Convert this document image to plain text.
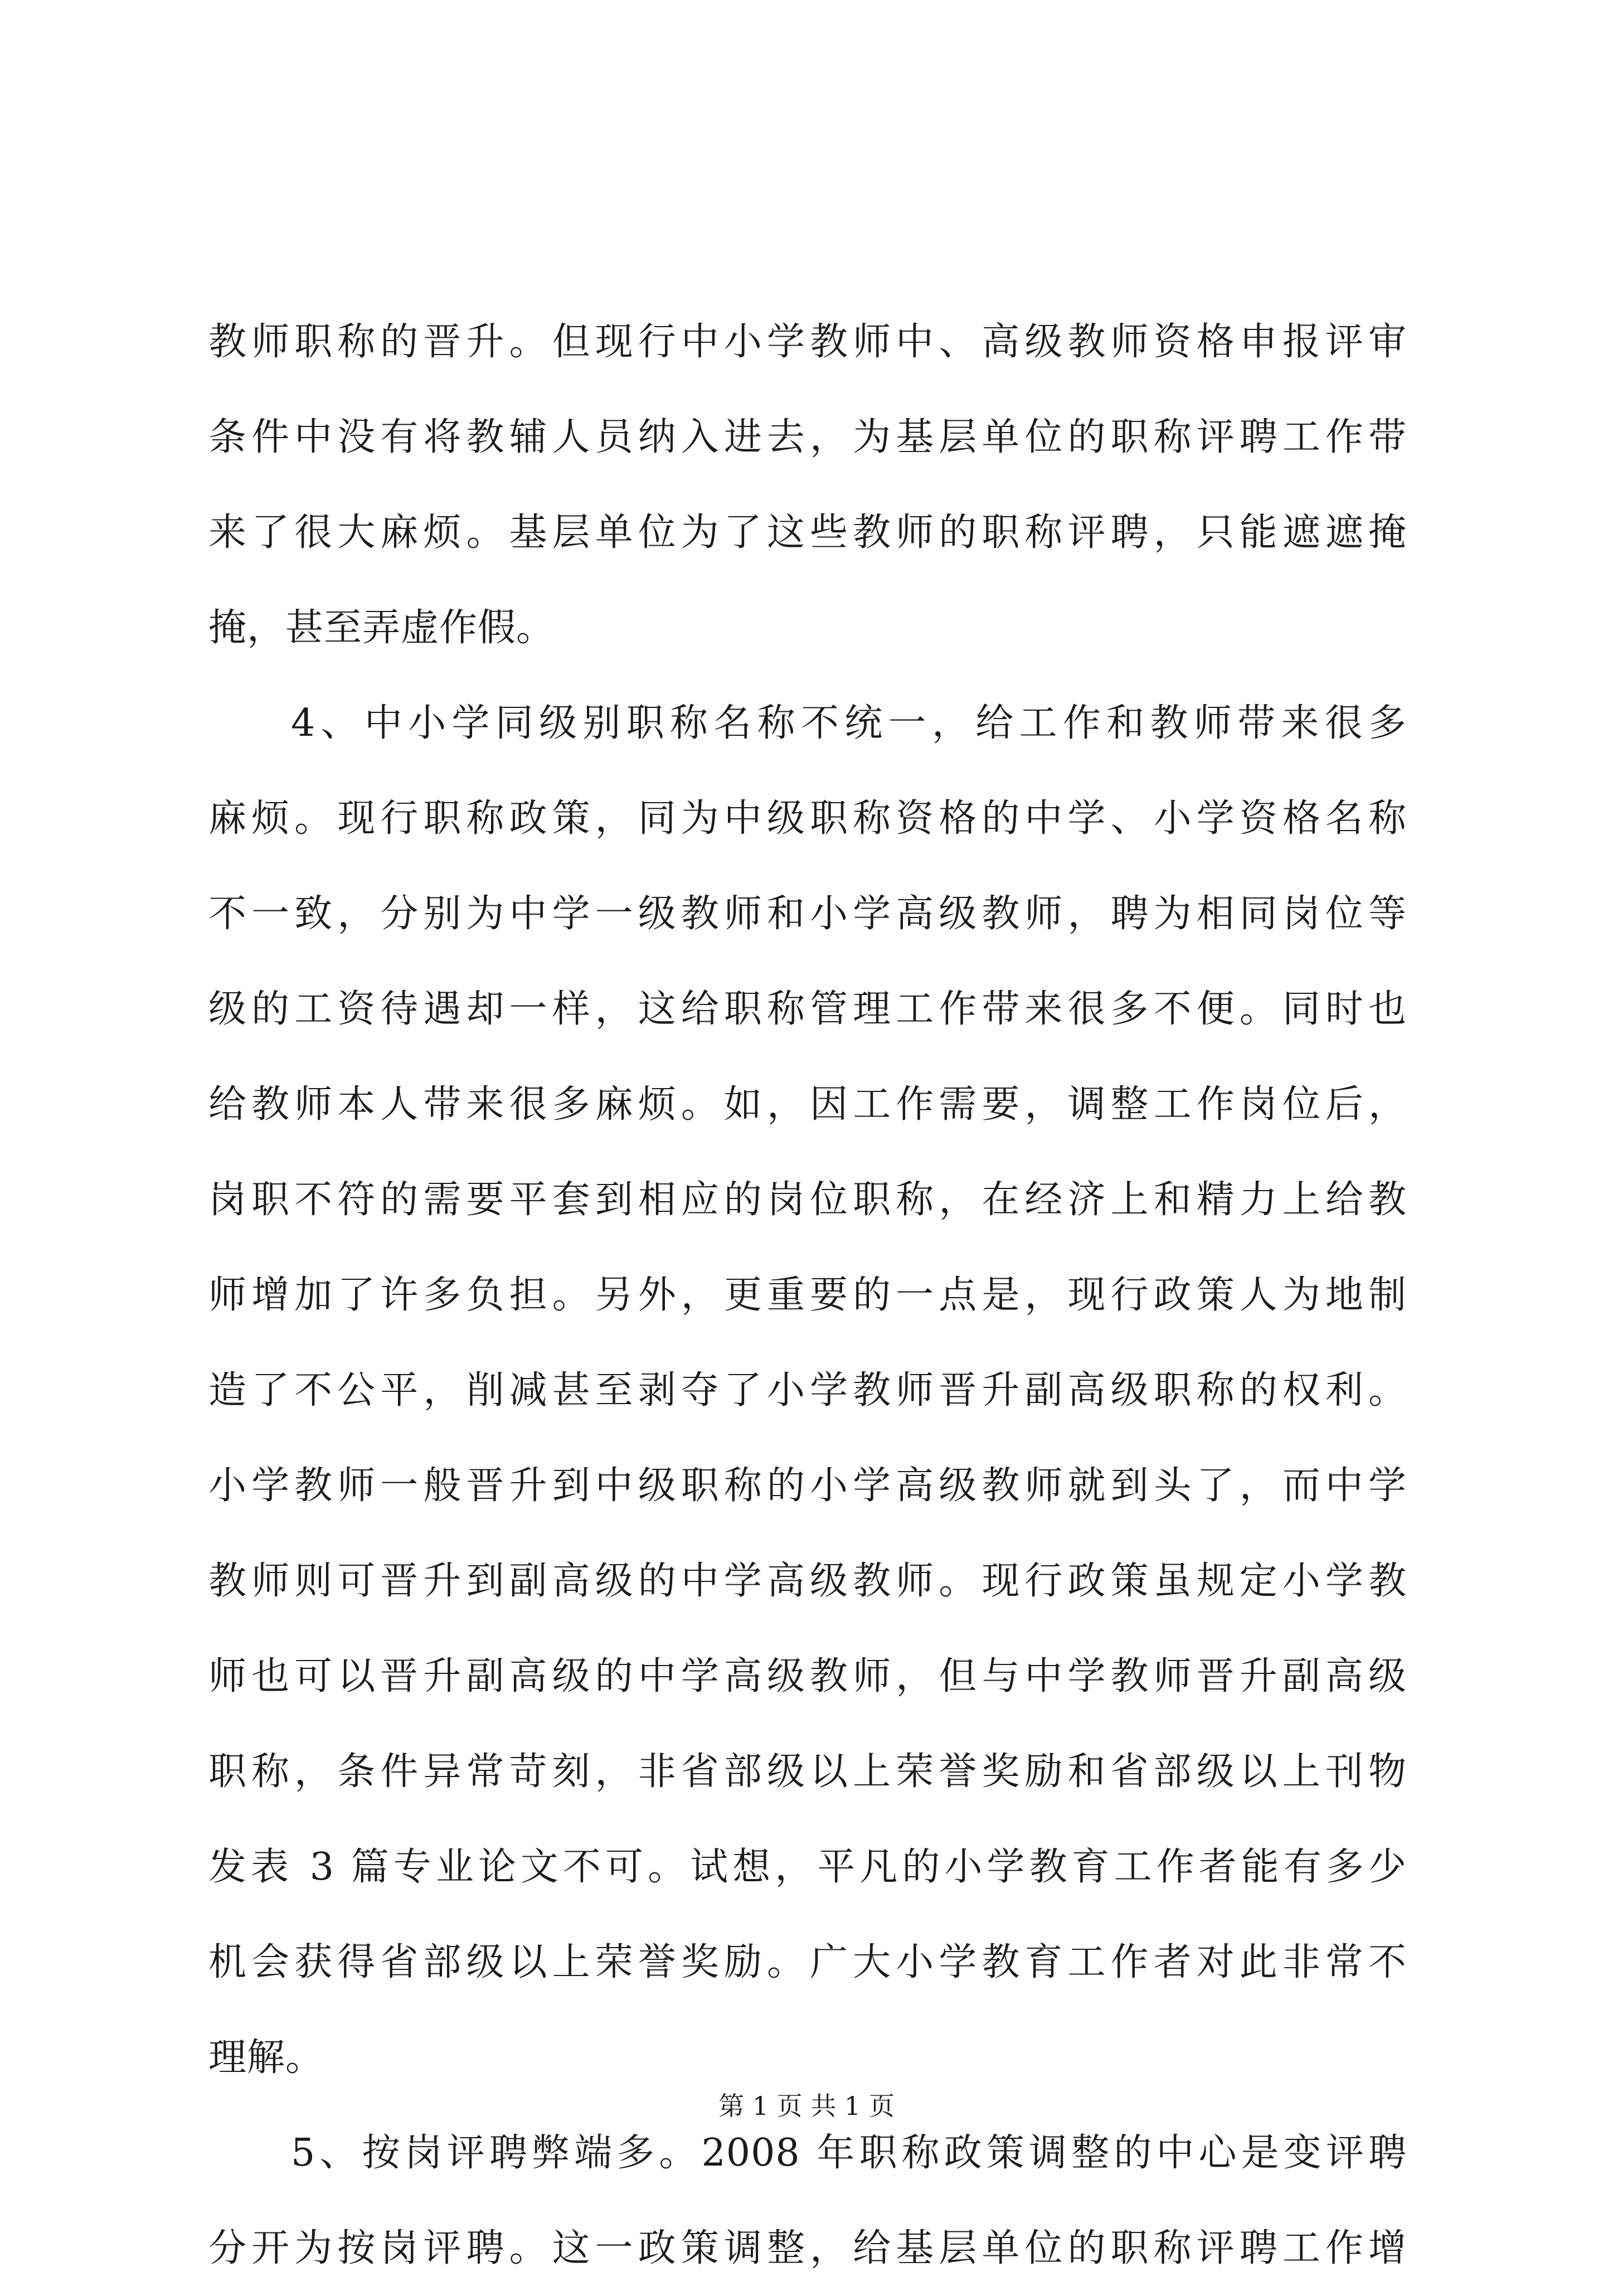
教师职称的晋升。但现行中小学教师中、高级教师资格申报评审
条件中没有将教辅人员纳入进去，为基层单位的职称评聘工作带
来了很大麻烦。基层单位为了这些教师的职称评聘，只能遮遮掩
掩，甚至弄虚作假。
4、中小学同级别职称名称不统一，给工作和教师带来很多
麻烦。现行职称政策，同为中级职称资格的中学、小学资格名称
不一致，分别为中学一级教师和小学高级教师，聘为相同岗位等
级的工资待遇却一样，这给职称管理工作带来很多不便。同时也
给教师本人带来很多麻烦。如，因工作需要，调整工作岗位后，
岗职不符的需要平套到相应的岗位职称，在经济上和精力上给教
师增加了许多负担。另外，更重要的一点是，现行政策人为地制
造了不公平，削减甚至剥夺了小学教师晋升副高级职称的权利。
小学教师一般晋升到中级职称的小学高级教师就到头了，而中学
教师则可晋升到副高级的中学高级教师。现行政策虽规定小学教
师也可以晋升副高级的中学高级教师，但与中学教师晋升副高级
职称，条件异常苛刻，非省部级以上荣誉奖励和省部级以上刊物
发表 3 篇专业论文不可。试想，平凡的小学教育工作者能有多少
机会获得省部级以上荣誉奖励。广大小学教育工作者对此非常不
理解。
5、按岗评聘弊端多。2008 年职称政策调整的中心是变评聘
分开为按岗评聘。这一政策调整，给基层单位的职称评聘工作增
第 1 页 共 1 页
